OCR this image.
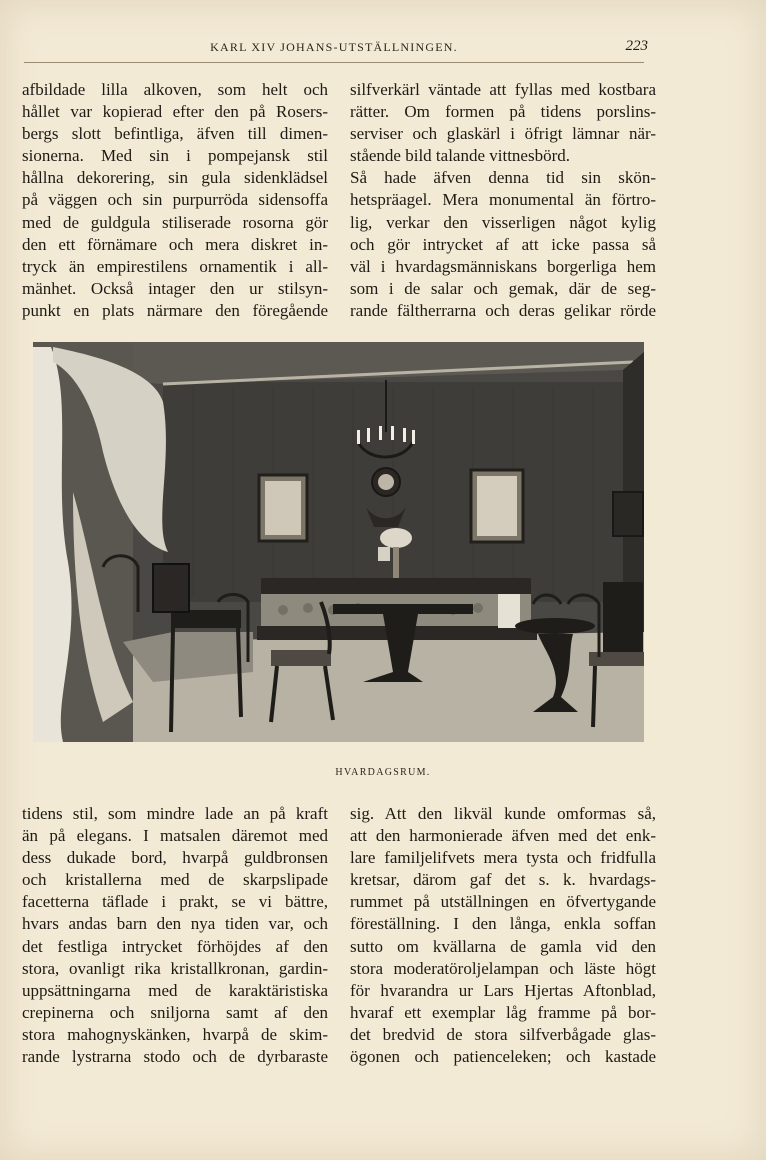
KARL XIV JOHANS-UTSTÄLLNINGEN.	223
afbildade lilla alkoven, som helt och
hållet var kopierad efter den på Rosers-
bergs slott befintliga, äfven till dimen-
sionerna. Med sin i pompejansk stil
hållna dekorering, sin gula sidenklädsel
på väggen och sin purpurröda sidensoffa
med de guldgula stiliserade rosorna gör
den ett förnämare och mera diskret in-
tryck än empirestilens ornamentik i all-
mänhet. Också intager den ur stilsyn-
punkt en plats närmare den föregående
silfverkärl väntade att fyllas med kostbara
rätter. Om formen på tidens porslins-
serviser och glaskärl i öfrigt lämnar när-
stående bild talande vittnesbörd.
Så hade äfven denna tid sin skön-
hetspräagel. Mera monumental än förtro-
lig, verkar den visserligen något kylig
och gör intrycket af att icke passa så
väl i hvardagsmänniskans borgerliga hem
som i de salar och gemak, där de seg-
rande fältherrarna och deras gelikar rörde
HVARDAGSRUM.
tidens stil, som mindre lade an på kraft
än på elegans. I matsalen däremot med
dess dukade bord, hvarpå guldbronsen
och kristallerna med de skarpslipade
facetterna täflade i prakt, se vi bättre,
hvars andas barn den nya tiden var, och
det festliga intrycket förhöjdes af den
stora, ovanligt rika kristallkronan, gardin-
uppsättningarna med de karaktäristiska
crepinerna och sniljorna samt af den
stora mahognyskänken, hvarpå de skim-
rande lystrarna stodo och de dyrbaraste
sig. Att den likväl kunde omformas så,
att den harmonierade äfven med det enk-
lare familjelifvets mera tysta och fridfulla
kretsar, därom gaf det s. k. hvardags-
rummet på utställningen en öfvertygande
föreställning. I den långa, enkla soffan
sutto om kvällarna de gamla vid den
stora moderatöroljelampan och läste högt
för hvarandra ur Lars Hjertas Aftonblad,
hvaraf ett exemplar låg framme på bor-
det bredvid de stora silfverbågade glas-
ögonen och patienceleken; och kastade
